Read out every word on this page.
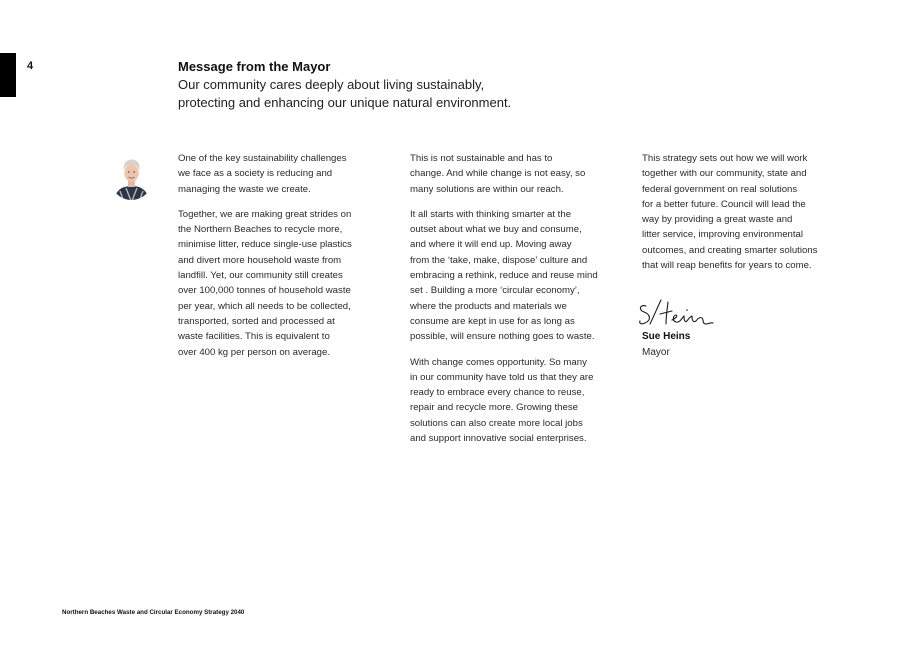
4	Message from the Mayor
Our community cares deeply about living sustainably,
protecting and enhancing our unique natural environment.

One of the key sustainability challenges
we face as a society is reducing and
managing the waste we create.

Together, we are making great strides on
the Northern Beaches to recycle more,
minimise litter, reduce single-use plastics
and divert more household waste from
landfill. Yet, our community still creates
over 100,000 tonnes of household waste
per year, which all needs to be collected,
transported, sorted and processed at
waste facilities. This is equivalent to
over 400 kg per person on average.

This is not sustainable and has to
change. And while change is not easy, so
many solutions are within our reach.

It all starts with thinking smarter at the
outset about what we buy and consume,
and where it will end up. Moving away
from the ‘take, make, dispose’ culture and
embracing a rethink, reduce and reuse mind
set . Building a more ‘circular economy’,
where the products and materials we
consume are kept in use for as long as
possible, will ensure nothing goes to waste.

With change comes opportunity. So many
in our community have told us that they are
ready to embrace every chance to reuse,
repair and recycle more. Growing these
solutions can also create more local jobs
and support innovative social enterprises.

This strategy sets out how we will work
together with our community, state and
federal government on real solutions
for a better future. Council will lead the
way by providing a great waste and
litter service, improving environmental
outcomes, and creating smarter solutions
that will reap benefits for years to come.

Sue Heins
Mayor
Northern Beaches Waste and Circular Economy Strategy 2040
